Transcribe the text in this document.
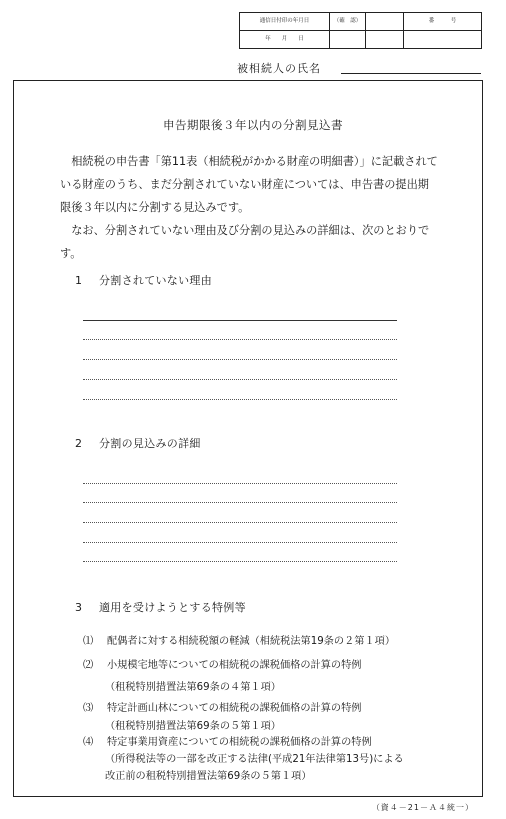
通信日付印の年月日	（確　認）		番　　　号
年　　月　　日			
被相続人の氏名
申告期限後３年以内の分割見込書

相続税の申告書「第11表（相続税がかかる財産の明細書）」に記載されている財産のうち、まだ分割されていない財産については、申告書の提出期限後３年以内に分割する見込みです。

なお、分割されていない理由及び分割の見込みの詳細は、次のとおりです。

1 分割されていない理由
2 分割の見込みの詳細
3 適用を受けようとする特例等
⑴ 配偶者に対する相続税額の軽減（相続税法第19条の２第１項）
⑵ 小規模宅地等についての相続税の課税価格の計算の特例
（租税特別措置法第69条の４第１項）
⑶ 特定計画山林についての相続税の課税価格の計算の特例
（租税特別措置法第69条の５第１項）
⑷ 特定事業用資産についての相続税の課税価格の計算の特例
（所得税法等の一部を改正する法律(平成21年法律第13号)による
改正前の租税特別措置法第69条の５第１項）
（資４－21－Ａ４統一）
